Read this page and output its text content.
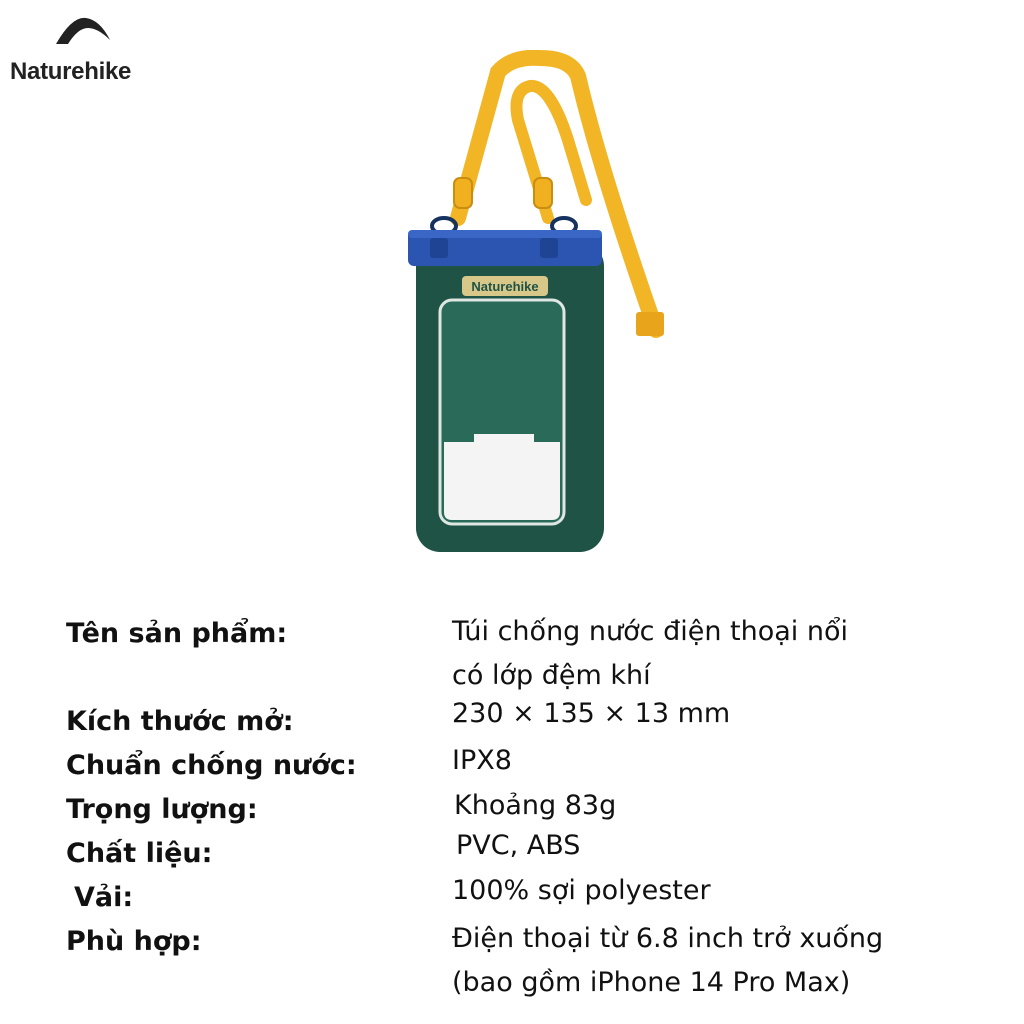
Naturehike
Naturehike

Tên sản phẩm:	Túi chống nước điện thoại nổi

có lớp đệm khí

Kích thước mở:	230 × 135 × 13 mm

Chuẩn chống nước:	IPX8

Trọng lượng:	Khoảng 83g

Chất liệu:	PVC, ABS

Vải:	100% sợi polyester

Phù hợp:	Điện thoại từ 6.8 inch trở xuống

(bao gồm iPhone 14 Pro Max)
